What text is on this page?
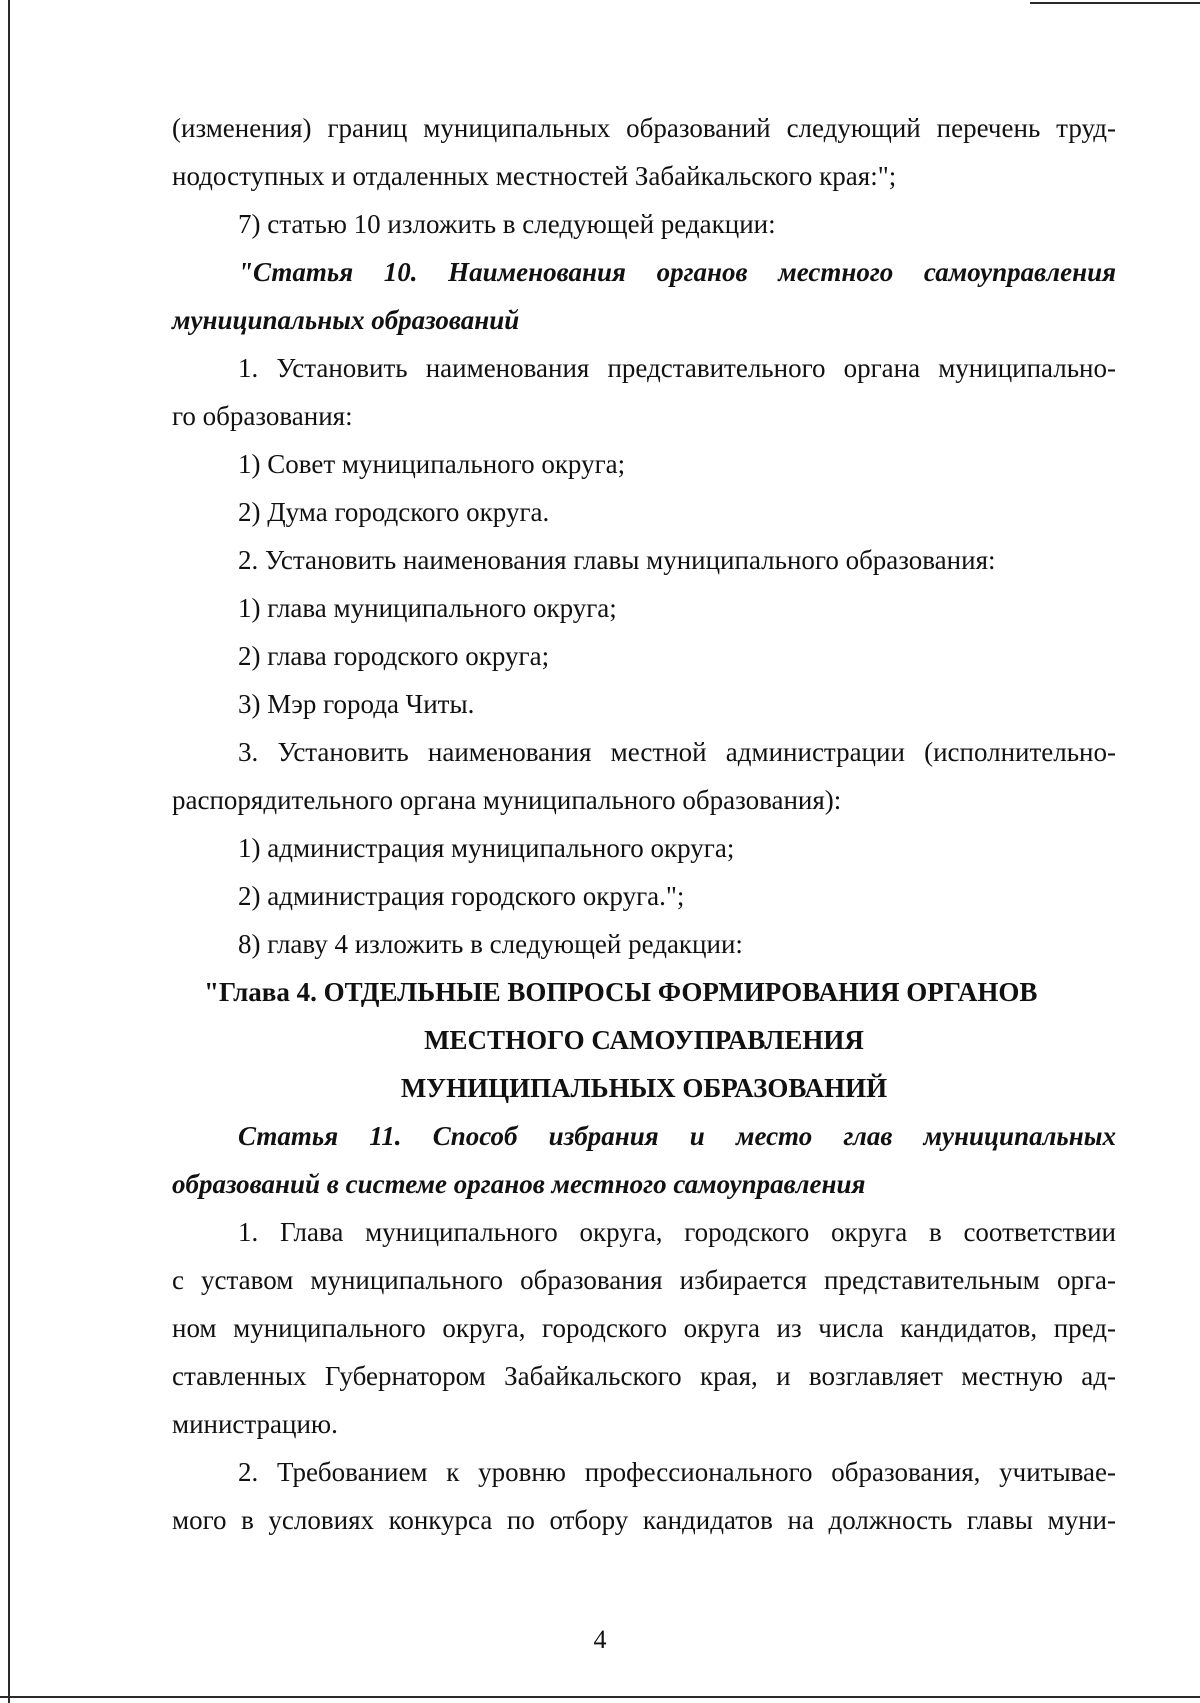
(изменения) границ муниципальных образований следующий перечень труд-

нодоступных и отдаленных местностей Забайкальского края:";

7) статью 10 изложить в следующей редакции:

"Статья 10. Наименования органов местного самоуправления

муниципальных образований

1. Установить наименования представительного органа муниципально-

го образования:

1) Совет муниципального округа;

2) Дума городского округа.

2. Установить наименования главы муниципального образования:

1) глава муниципального округа;

2) глава городского округа;

3) Мэр города Читы.

3. Установить наименования местной администрации (исполнительно-

распорядительного органа муниципального образования):

1) администрация муниципального округа;

2) администрация городского округа.";

8) главу 4 изложить в следующей редакции:

"Глава 4. ОТДЕЛЬНЫЕ ВОПРОСЫ ФОРМИРОВАНИЯ ОРГАНОВ

МЕСТНОГО САМОУПРАВЛЕНИЯ

МУНИЦИПАЛЬНЫХ ОБРАЗОВАНИЙ

Статья 11. Способ избрания и место глав муниципальных

образований в системе органов местного самоуправления

1. Глава муниципального округа, городского округа в соответствии

с уставом муниципального образования избирается представительным орга-

ном муниципального округа, городского округа из числа кандидатов, пред-

ставленных Губернатором Забайкальского края, и возглавляет местную ад-

министрацию.

2. Требованием к уровню профессионального образования, учитывае-

мого в условиях конкурса по отбору кандидатов на должность главы муни-

4
